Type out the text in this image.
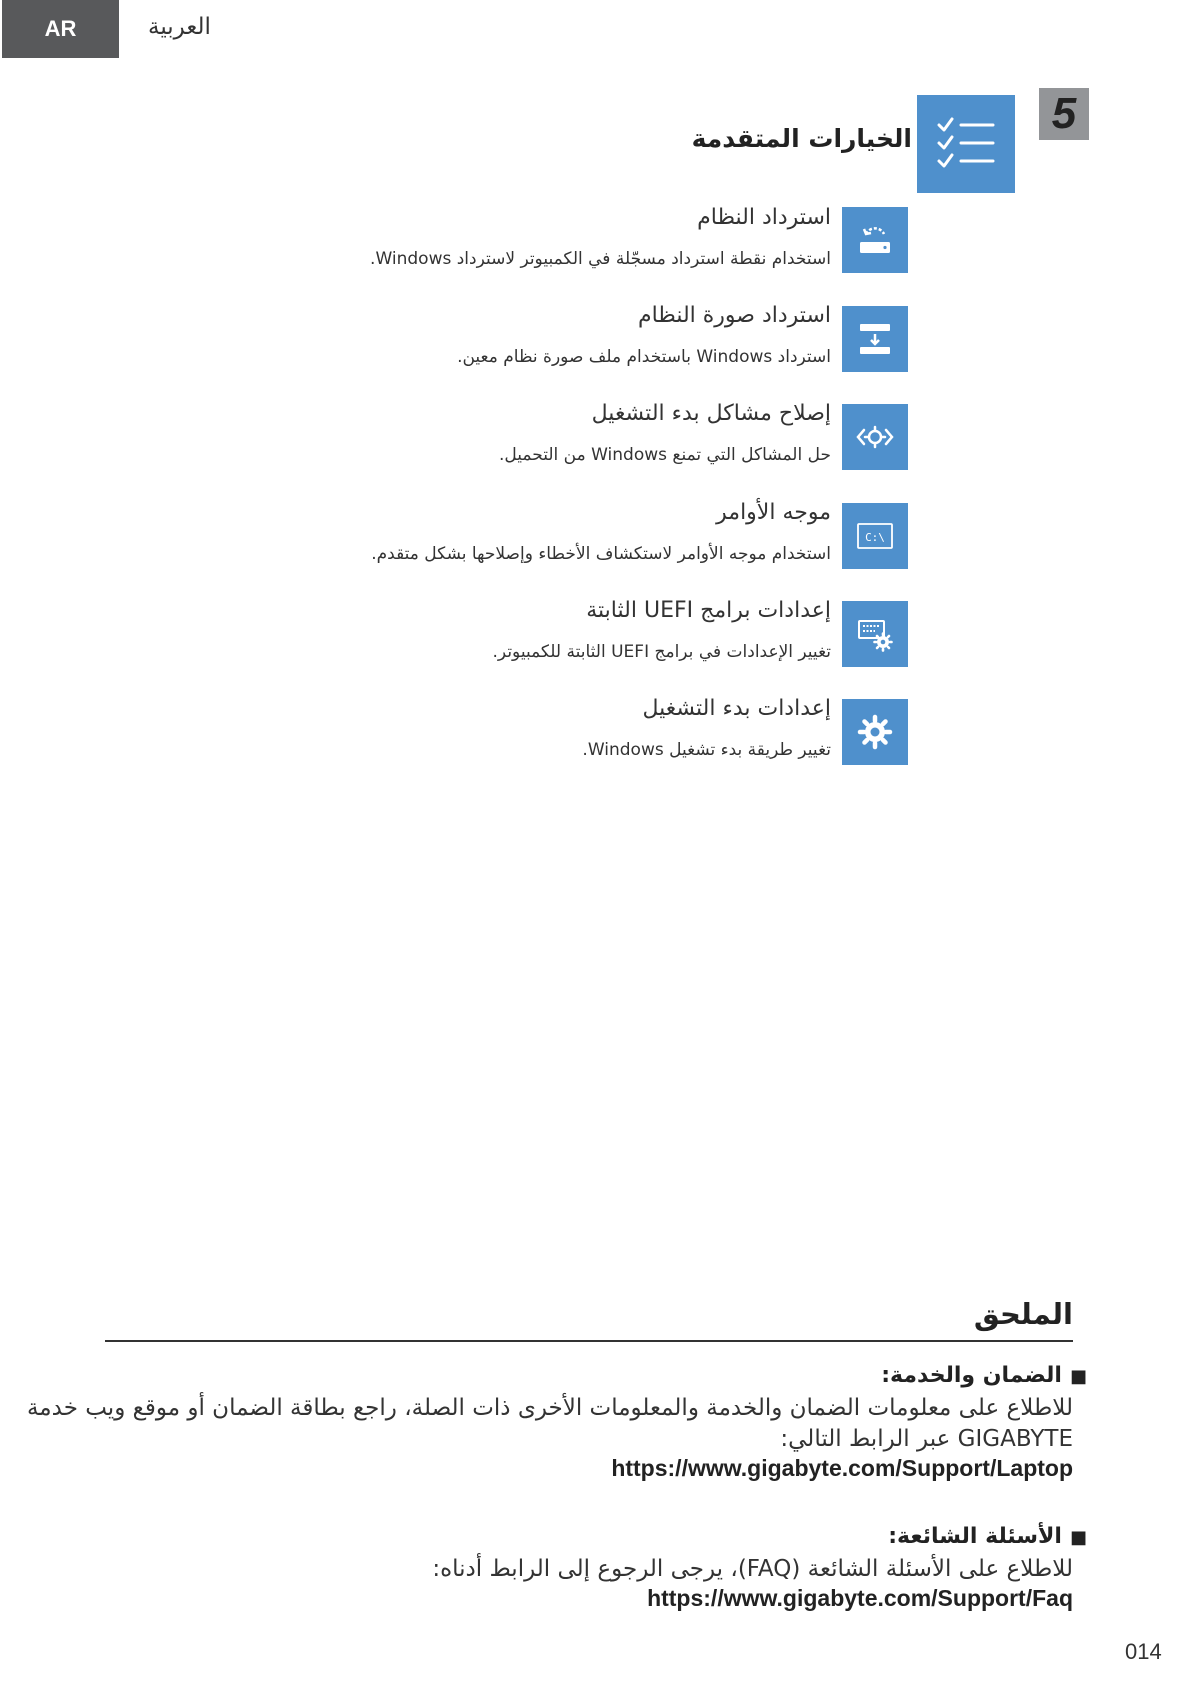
AR	العربية
5
الخيارات المتقدمة
استرداد النظام
استخدام نقطة استرداد مسجّلة في الكمبيوتر لاسترداد Windows.
استرداد صورة النظام
استرداد Windows باستخدام ملف صورة نظام معين.
إصلاح مشاكل بدء التشغيل
حل المشاكل التي تمنع Windows من التحميل.
C:\
موجه الأوامر
استخدام موجه الأوامر لاستكشاف الأخطاء وإصلاحها بشكل متقدم.
إعدادات برامج UEFI الثابتة
تغيير الإعدادات في برامج UEFI الثابتة للكمبيوتر.
إعدادات بدء التشغيل
تغيير طريقة بدء تشغيل Windows.
الملحق
■الضمان والخدمة:
للاطلاع على معلومات الضمان والخدمة والمعلومات الأخرى ذات الصلة، راجع بطاقة الضمان أو موقع ويب خدمة
GIGABYTE عبر الرابط التالي:
https://www.gigabyte.com/Support/Laptop
■الأسئلة الشائعة:
للاطلاع على الأسئلة الشائعة (FAQ)، يرجى الرجوع إلى الرابط أدناه:
https://www.gigabyte.com/Support/Faq
014
